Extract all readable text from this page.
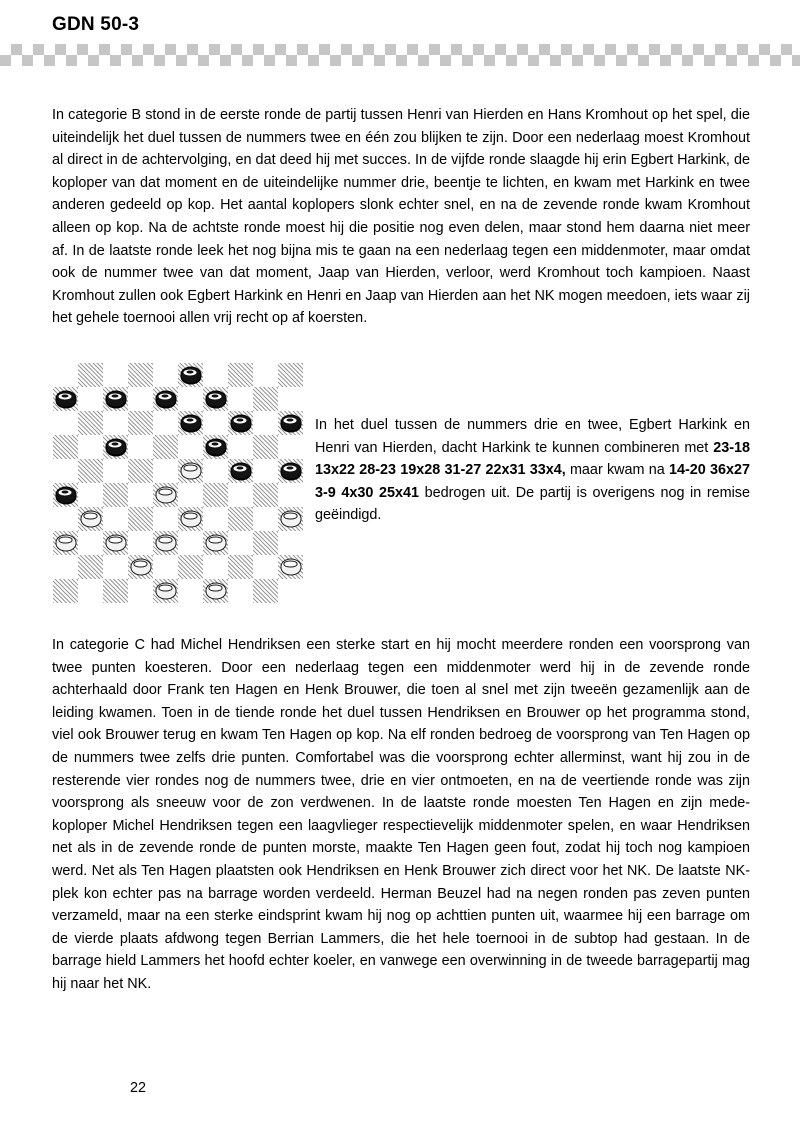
GDN 50-3

In categorie B stond in de eerste ronde de partij tussen Henri van Hierden en Hans Kromhout op het spel, die uiteindelijk het duel tussen de nummers twee en één zou blijken te zijn. Door een nederlaag moest Kromhout al direct in de achtervolging, en dat deed hij met succes. In de vijfde ronde slaagde hij erin Egbert Harkink, de koploper van dat moment en de uiteindelijke nummer drie, beentje te lichten, en kwam met Harkink en twee anderen gedeeld op kop. Het aantal koplopers slonk echter snel, en na de zevende ronde kwam Kromhout alleen op kop. Na de achtste ronde moest hij die positie nog even delen, maar stond hem daarna niet meer af. In de laatste ronde leek het nog bijna mis te gaan na een nederlaag tegen een middenmoter, maar omdat ook de nummer twee van dat moment, Jaap van Hierden, verloor, werd Kromhout toch kampioen. Naast Kromhout zullen ook Egbert Harkink en Henri en Jaap van Hierden aan het NK mogen meedoen, iets waar zij het gehele toernooi allen vrij recht op af koersten.

In het duel tussen de nummers drie en twee, Egbert Harkink en Henri van Hierden, dacht Harkink te kunnen combineren met 23-18 13x22 28-23 19x28 31-27 22x31 33x4, maar kwam na 14-20 36x27 3-9 4x30 25x41 bedrogen uit. De partij is overigens nog in remise geëindigd.

In categorie C had Michel Hendriksen een sterke start en hij mocht meerdere ronden een voorsprong van twee punten koesteren. Door een nederlaag tegen een middenmoter werd hij in de zevende ronde achterhaald door Frank ten Hagen en Henk Brouwer, die toen al snel met zijn tweeën gezamenlijk aan de leiding kwamen. Toen in de tiende ronde het duel tussen Hendriksen en Brouwer op het programma stond, viel ook Brouwer terug en kwam Ten Hagen op kop. Na elf ronden bedroeg de voorsprong van Ten Hagen op de nummers twee zelfs drie punten. Comfortabel was die voorsprong echter allerminst, want hij zou in de resterende vier rondes nog de nummers twee, drie en vier ontmoeten, en na de veertiende ronde was zijn voorsprong als sneeuw voor de zon verdwenen. In de laatste ronde moesten Ten Hagen en zijn mede-koploper Michel Hendriksen tegen een laagvlieger respectievelijk middenmoter spelen, en waar Hendriksen net als in de zevende ronde de punten morste, maakte Ten Hagen geen fout, zodat hij toch nog kampioen werd. Net als Ten Hagen plaatsten ook Hendriksen en Henk Brouwer zich direct voor het NK. De laatste NK-plek kon echter pas na barrage worden verdeeld. Herman Beuzel had na negen ronden pas zeven punten verzameld, maar na een sterke eindsprint kwam hij nog op achttien punten uit, waarmee hij een barrage om de vierde plaats afdwong tegen Berrian Lammers, die het hele toernooi in de subtop had gestaan. In de barrage hield Lammers het hoofd echter koeler, en vanwege een overwinning in de tweede barragepartij mag hij naar het NK.

22
